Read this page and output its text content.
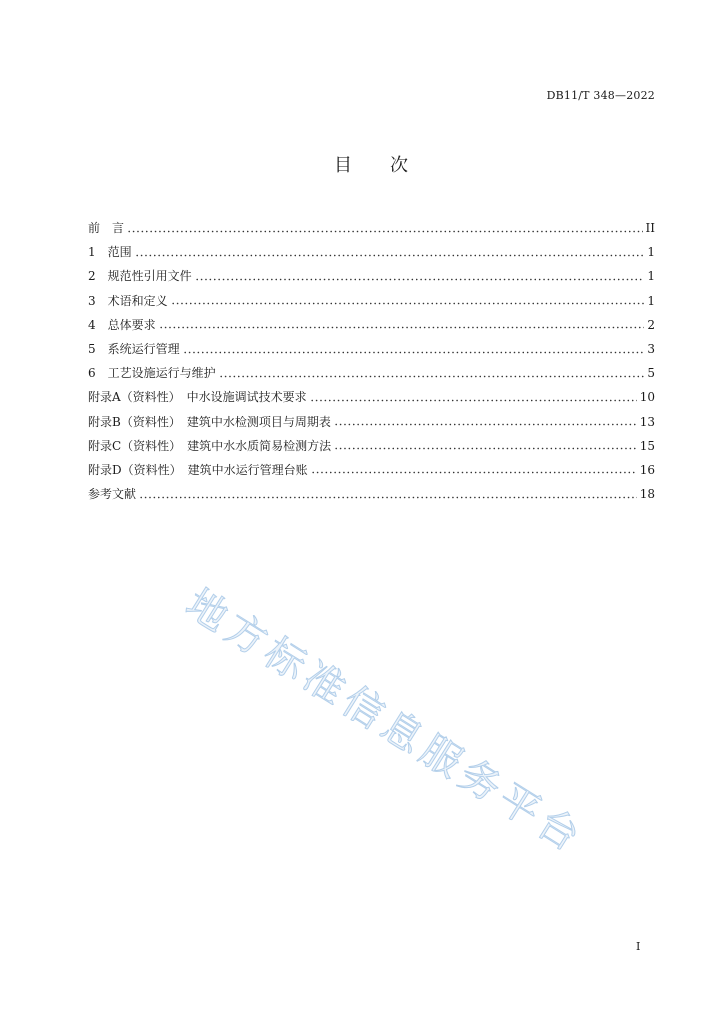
DB11/T 348—2022
目　次
前　言	II
1　范围	1
2　规范性引用文件	1
3　术语和定义	1
4　总体要求	2
5　系统运行管理	3
6　工艺设施运行与维护	5
附录A（资料性）　中水设施调试技术要求	10
附录B（资料性）　建筑中水检测项目与周期表	13
附录C（资料性）　建筑中水水质简易检测方法	15
附录D（资料性）　建筑中水运行管理台账	16
参考文献	18
地方标准信息服务平台
I
